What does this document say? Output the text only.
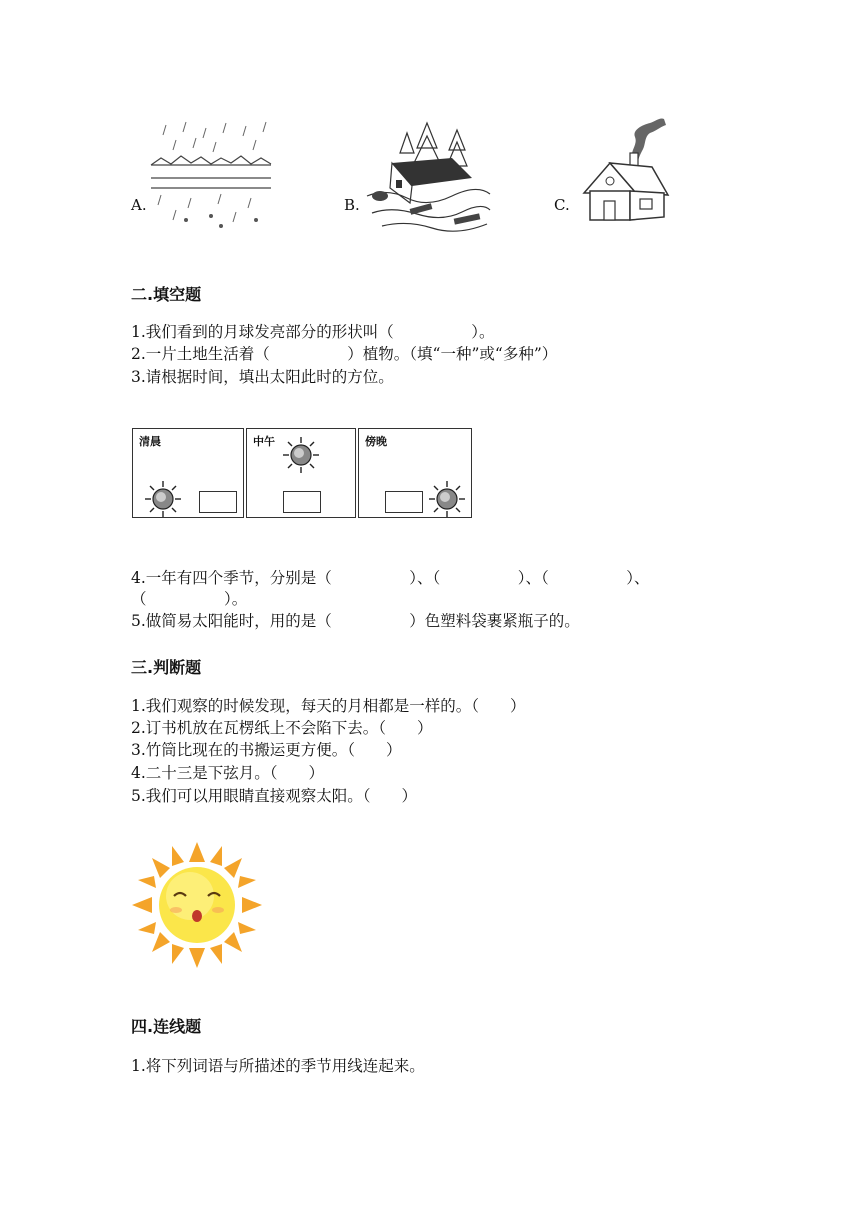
A.	B.	C.
二.填空题
1.我们看到的月球发亮部分的形状叫（　　　　　）。
2.一片土地生活着（　　　　　）植物。（填“一种”或“多种”）
3.请根据时间，填出太阳此时的方位。
清晨	中午	傍晚
4.一年有四个季节，分别是（　　　　　）、（　　　　　）、（　　　　　）、
（　　　　　）。
5.做简易太阳能时，用的是（　　　　　）色塑料袋裹紧瓶子的。
三.判断题
1.我们观察的时候发现，每天的月相都是一样的。（　　）
2.订书机放在瓦楞纸上不会陷下去。（　　）
3.竹筒比现在的书搬运更方便。（　　）
4.二十三是下弦月。（　　）
5.我们可以用眼睛直接观察太阳。（　　）
四.连线题
1.将下列词语与所描述的季节用线连起来。
